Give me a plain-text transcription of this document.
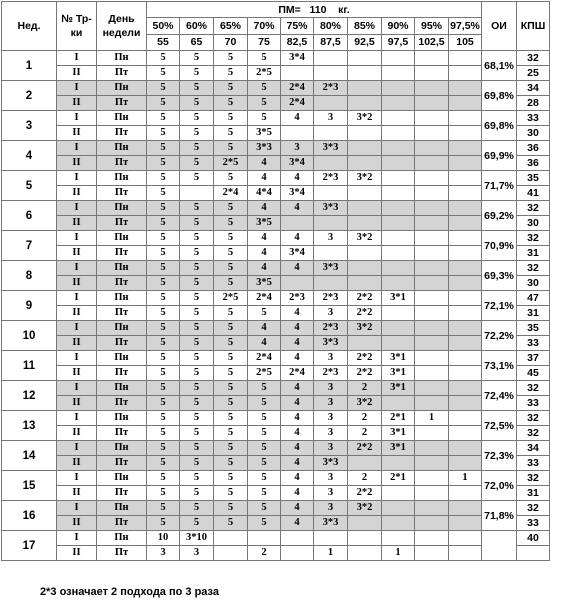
Нед.	№ Тр-ки	День недели	ПМ= 110 кг.										ОИ	КПШ
			50%	60%	65%	70%	75%	80%	85%	90%	95%	97,5%		
			55	65	70	75	82,5	87,5	92,5	97,5	102,5	105		
1	I	Пн	5	5	5	5	3*4						68,1%	32
	II	Пт	5	5	5	2*5								25
2	I	Пн	5	5	5	5	2*4	2*3					69,8%	34
	II	Пт	5	5	5	5	2*4							28
3	I	Пн	5	5	5	5	4	3	3*2				69,8%	33
	II	Пт	5	5	5	3*5								30
4	I	Пн	5	5	5	3*3	3	3*3					69,9%	36
	II	Пт	5	5	2*5	4	3*4							36
5	I	Пн	5	5	5	4	4	2*3	3*2				71,7%	35
	II	Пт	5		2*4	4*4	3*4							41
6	I	Пн	5	5	5	4	4	3*3					69,2%	32
	II	Пт	5	5	5	3*5								30
7	I	Пн	5	5	5	4	4	3	3*2				70,9%	32
	II	Пт	5	5	5	4	3*4							31
8	I	Пн	5	5	5	4	4	3*3					69,3%	32
	II	Пт	5	5	5	3*5								30
9	I	Пн	5	5	2*5	2*4	2*3	2*3	2*2	3*1			72,1%	47
	II	Пт	5	5	5	5	4	3	2*2					31
10	I	Пн	5	5	5	4	4	2*3	3*2				72,2%	35
	II	Пт	5	5	5	4	4	3*3						33
11	I	Пн	5	5	5	2*4	4	3	2*2	3*1			73,1%	37
	II	Пт	5	5	5	2*5	2*4	2*3	2*2	3*1				45
12	I	Пн	5	5	5	5	4	3	2	3*1			72,4%	32
	II	Пт	5	5	5	5	4	3	3*2					33
13	I	Пн	5	5	5	5	4	3	2	2*1	1		72,5%	32
	II	Пт	5	5	5	5	4	3	2	3*1				32
14	I	Пн	5	5	5	5	4	3	2*2	3*1			72,3%	34
	II	Пт	5	5	5	5	4	3*3						33
15	I	Пн	5	5	5	5	4	3	2	2*1		1	72,0%	32
	II	Пт	5	5	5	5	4	3	2*2					31
16	I	Пн	5	5	5	5	4	3	3*2				71,8%	32
	II	Пт	5	5	5	5	4	3*3						33
17	I	Пн	10	3*10										40
	II	Пт	3	3		2		1		1				
2*3 означает 2 подхода по 3 раза
